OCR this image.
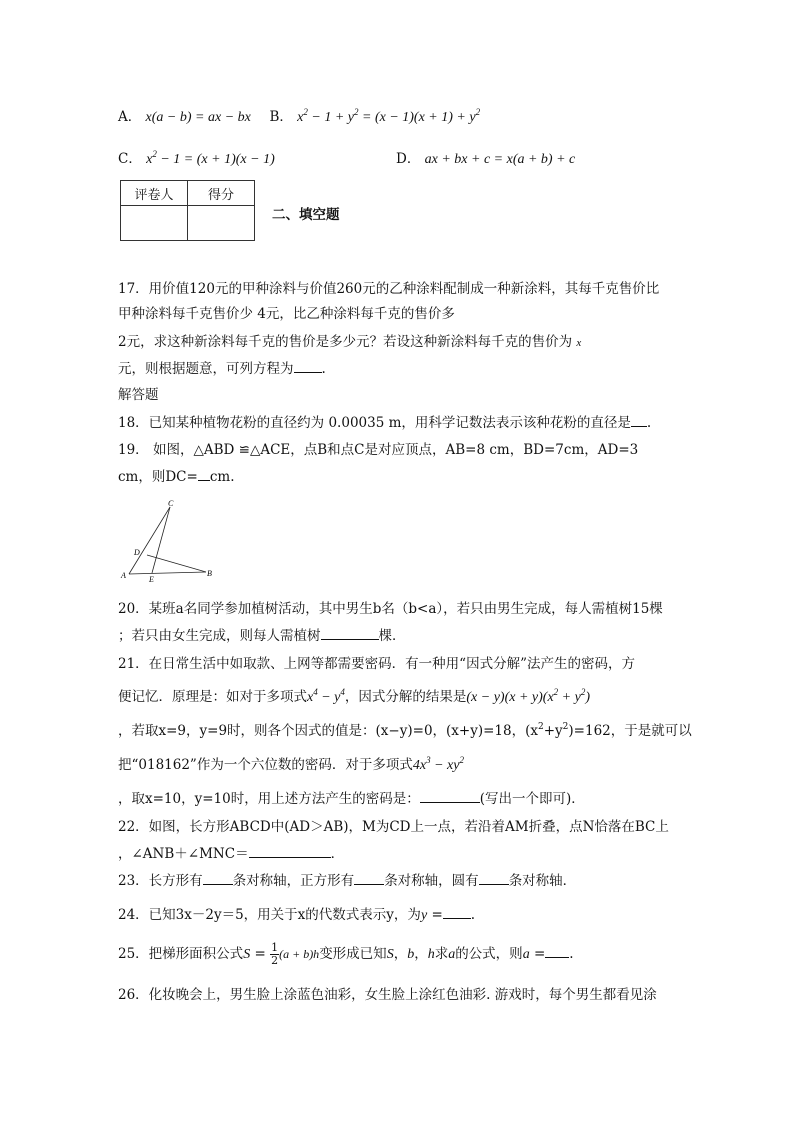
A． x(a − b) = ax − bx B． $x^2 - 1 + y^2 = (x - 1)(x + 1) + y^2$
C． $x^2 - 1 = (x + 1)(x - 1)$	D． ax + bx + c = x(a + b) + c
评卷人	得分

二、填空题
17．用价值120元的甲种涂料与价值260元的乙种涂料配制成一种新涂料，其每千克售价比
甲种涂料每千克售价少 4元，比乙种涂料每千克的售价多
2元，求这种新涂料每千克的售价是多少元？若设这种新涂料每千克的售价为 x
元，则根据题意，可列方程为 .
解答题
18．已知某种植物花粉的直径约为 0.00035 m，用科学记数法表示该种花粉的直径是 .
19． 如图，△ABD ≌△ACE，点B和点C是对应顶点，AB=8 cm，BD=7cm，AD=3
cm，则DC= cm.
C
D
A	E
B
20．某班a名同学参加植树活动，其中男生b名（b<a），若只由男生完成，每人需植树15棵
；若只由女生完成，则每人需植树	棵．
21．在日常生活中如取款、上网等都需要密码．有一种用“因式分解”法产生的密码，方
便记忆．原理是：如对于多项式$x^4 - y^4$，因式分解的结果是$(x - y)(x + y)(x^2 + y^2)$
，若取x=9，y=9时，则各个因式的值是：(x−y)=0，(x+y)=18，$(x^2+y^2)=162$，于是就可以
把“018162”作为一个六位数的密码．对于多项式$4x^3 - xy^2$
，取x=10，y=10时，用上述方法产生的密码是：	(写出一个即可)．
22．如图，长方形ABCD中(AD＞AB)，M为CD上一点，若沿着AM折叠，点N恰落在BC上
，∠ANB＋∠MNC＝	．
23．长方形有 条对称轴，正方形有 条对称轴，圆有 条对称轴．
24．已知3x－2y＝5，用关于x的代数式表示y，为y = .
25．把梯形面积公式$S = \frac{1}{2} (a + b)h$变形成已知S，b，h求a的公式，则a = .
26．化妆晚会上，男生脸上涂蓝色油彩，女生脸上涂红色油彩. 游戏时，每个男生都看见涂
